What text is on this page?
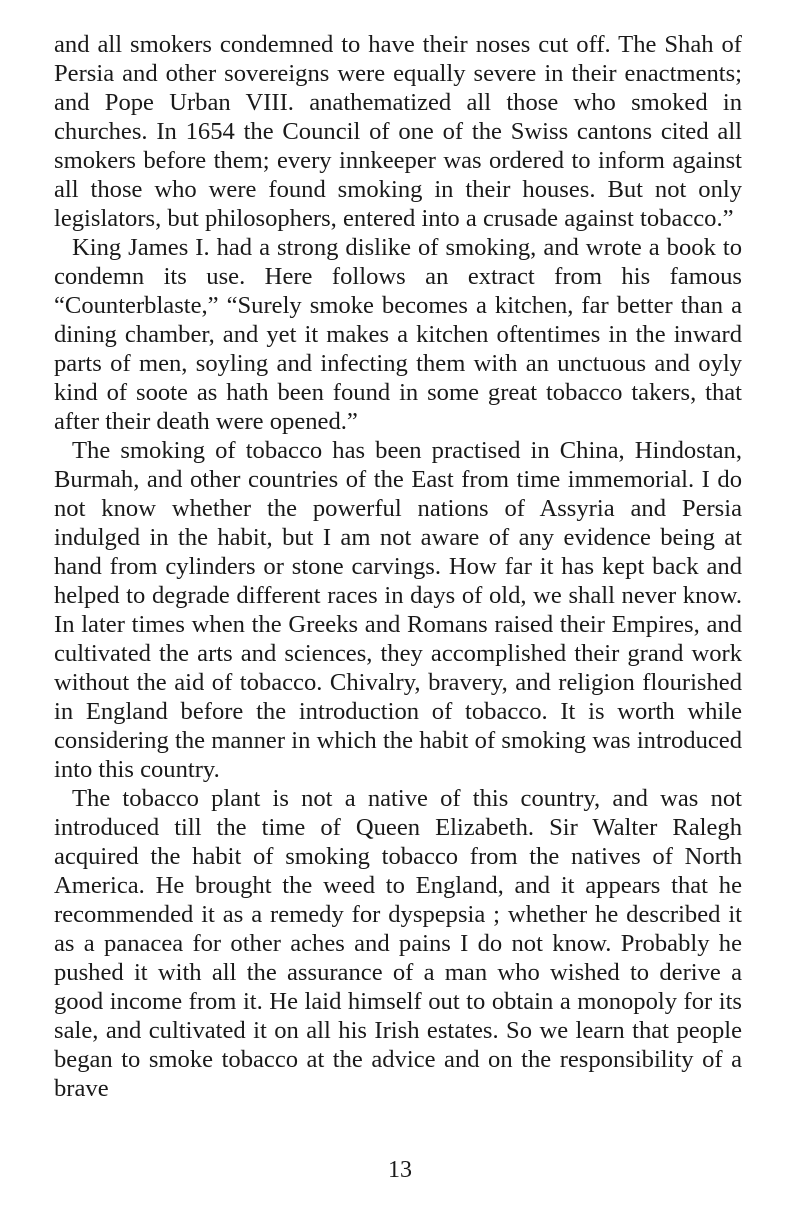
and all smokers condemned to have their noses cut off. The Shah of Persia and other sovereigns were equally severe in their enactments; and Pope Urban VIII. anathematized all those who smoked in churches. In 1654 the Council of one of the Swiss cantons cited all smokers before them; every innkeeper was ordered to inform against all those who were found smoking in their houses. But not only legislators, but philosophers, entered into a crusade against tobacco.”

King James I. had a strong dislike of smoking, and wrote a book to condemn its use. Here follows an extract from his famous “Counterblaste,” “Surely smoke becomes a kitchen, far better than a dining chamber, and yet it makes a kitchen oftentimes in the inward parts of men, soyling and infecting them with an unctuous and oyly kind of soote as hath been found in some great tobacco takers, that after their death were opened.”

The smoking of tobacco has been practised in China, Hindostan, Burmah, and other countries of the East from time immemorial. I do not know whether the powerful nations of Assyria and Persia indulged in the habit, but I am not aware of any evidence being at hand from cylinders or stone carvings. How far it has kept back and helped to degrade different races in days of old, we shall never know. In later times when the Greeks and Romans raised their Empires, and cultivated the arts and sciences, they accomplished their grand work without the aid of tobacco. Chivalry, bravery, and religion flourished in England before the introduction of tobacco. It is worth while considering the manner in which the habit of smoking was introduced into this country.

The tobacco plant is not a native of this country, and was not introduced till the time of Queen Elizabeth. Sir Walter Ralegh acquired the habit of smoking tobacco from the natives of North America. He brought the weed to England, and it appears that he recommended it as a remedy for dyspepsia ; whether he described it as a panacea for other aches and pains I do not know. Probably he pushed it with all the assurance of a man who wished to derive a good income from it. He laid himself out to obtain a monopoly for its sale, and cultivated it on all his Irish estates. So we learn that people began to smoke tobacco at the advice and on the responsibility of a brave

13
